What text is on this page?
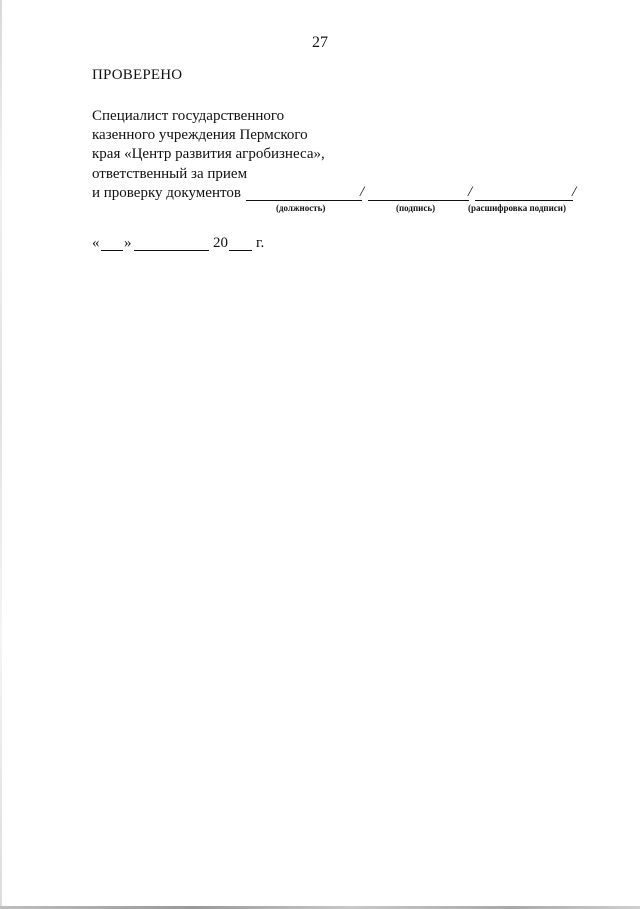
27
ПРОВЕРЕНО
Специалист государственного
казенного учреждения Пермского
края «Центр развития агробизнеса»,
ответственный за прием
и проверку документов	/	/	/
(должность)	(подпись)	(расшифровка подписи)
« »	20 г.
